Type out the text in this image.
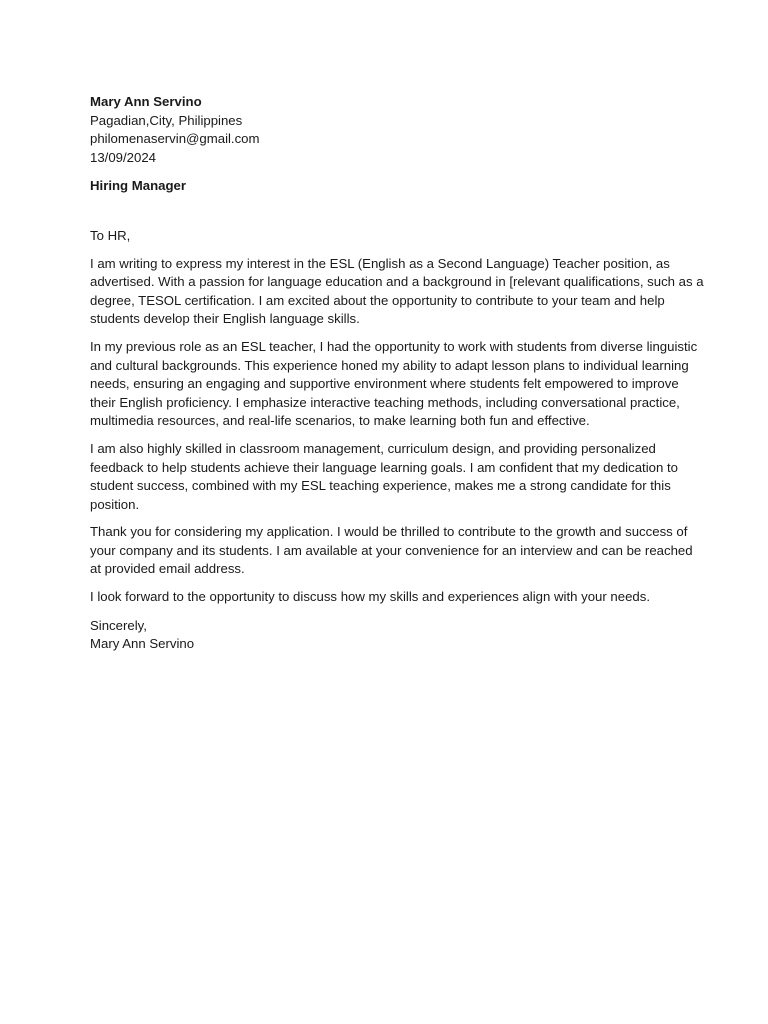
Mary Ann Servino
Pagadian,City, Philippines
philomenaservin@gmail.com
13/09/2024
Hiring Manager
To HR,
I am writing to express my interest in the ESL (English as a Second Language) Teacher position, as
advertised. With a passion for language education and a background in [relevant qualifications, such as a
degree, TESOL certification. I am excited about the opportunity to contribute to your team and help
students develop their English language skills.
In my previous role as an ESL teacher, I had the opportunity to work with students from diverse linguistic
and cultural backgrounds. This experience honed my ability to adapt lesson plans to individual learning
needs, ensuring an engaging and supportive environment where students felt empowered to improve
their English proficiency. I emphasize interactive teaching methods, including conversational practice,
multimedia resources, and real-life scenarios, to make learning both fun and effective.
I am also highly skilled in classroom management, curriculum design, and providing personalized
feedback to help students achieve their language learning goals. I am confident that my dedication to
student success, combined with my ESL teaching experience, makes me a strong candidate for this
position.
Thank you for considering my application. I would be thrilled to contribute to the growth and success of
your company and its students. I am available at your convenience for an interview and can be reached
at provided email address.
I look forward to the opportunity to discuss how my skills and experiences align with your needs.
Sincerely,
Mary Ann Servino
